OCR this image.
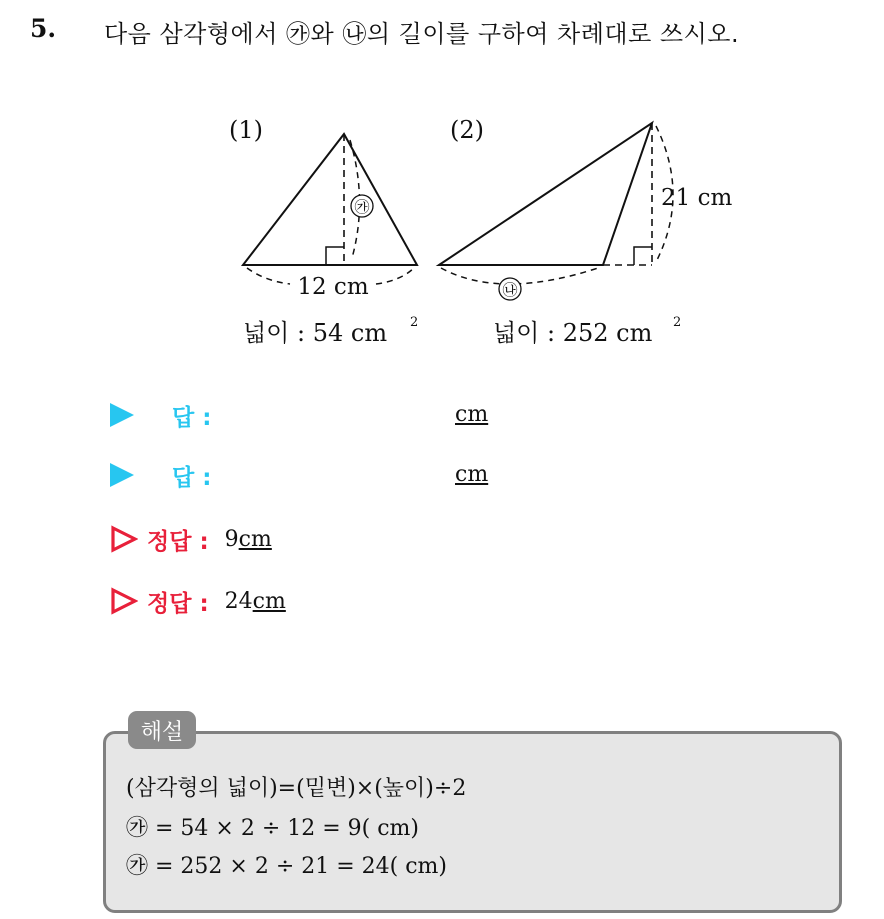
5. 다음 삼각형에서 ㉮와 ㉯의 길이를 구하여 차례대로 쓰시오.
(1)
㉮
12 cm
넓이 : 54 cm 2
(2)
21 cm
㉯
넓이 : 252 cm 2
답 :	cm
답 :	cm
정답 : 9cm
정답 : 24cm
해설
(삼각형의 넓이)=(밑변)×(높이)÷2
㉮ = 54 × 2 ÷ 12 = 9( cm)
㉮ = 252 × 2 ÷ 21 = 24( cm)
